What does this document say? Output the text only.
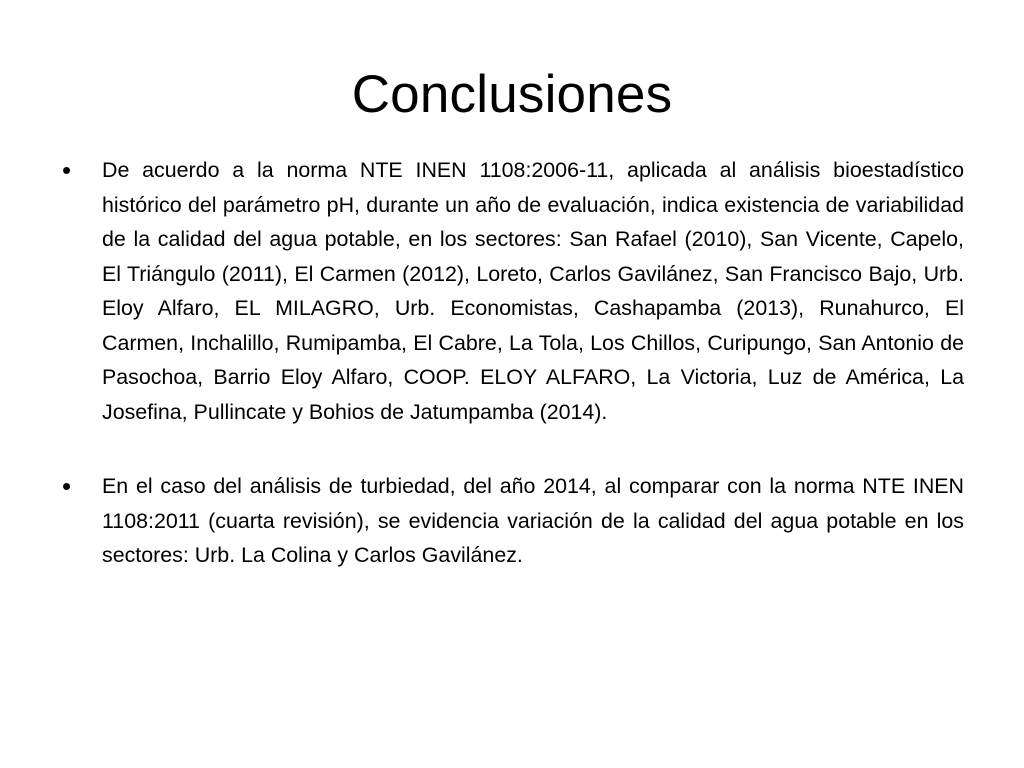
Conclusiones
• De acuerdo a la norma NTE INEN 1108:2006-11, aplicada al análisis bioestadístico histórico del parámetro pH, durante un año de evaluación, indica existencia de variabilidad de la calidad del agua potable, en los sectores: San Rafael (2010), San Vicente, Capelo, El Triángulo (2011), El Carmen (2012), Loreto, Carlos Gavilánez, San Francisco Bajo, Urb. Eloy Alfaro, EL MILAGRO, Urb. Economistas, Cashapamba (2013), Runahurco, El Carmen, Inchalillo, Rumipamba, El Cabre, La Tola, Los Chillos, Curipungo, San Antonio de Pasochoa, Barrio Eloy Alfaro, COOP. ELOY ALFARO, La Victoria, Luz de América, La Josefina, Pullincate y Bohios de Jatumpamba (2014).
• En el caso del análisis de turbiedad, del año 2014, al comparar con la norma NTE INEN 1108:2011 (cuarta revisión), se evidencia variación de la calidad del agua potable en los sectores: Urb. La Colina y Carlos Gavilánez.
